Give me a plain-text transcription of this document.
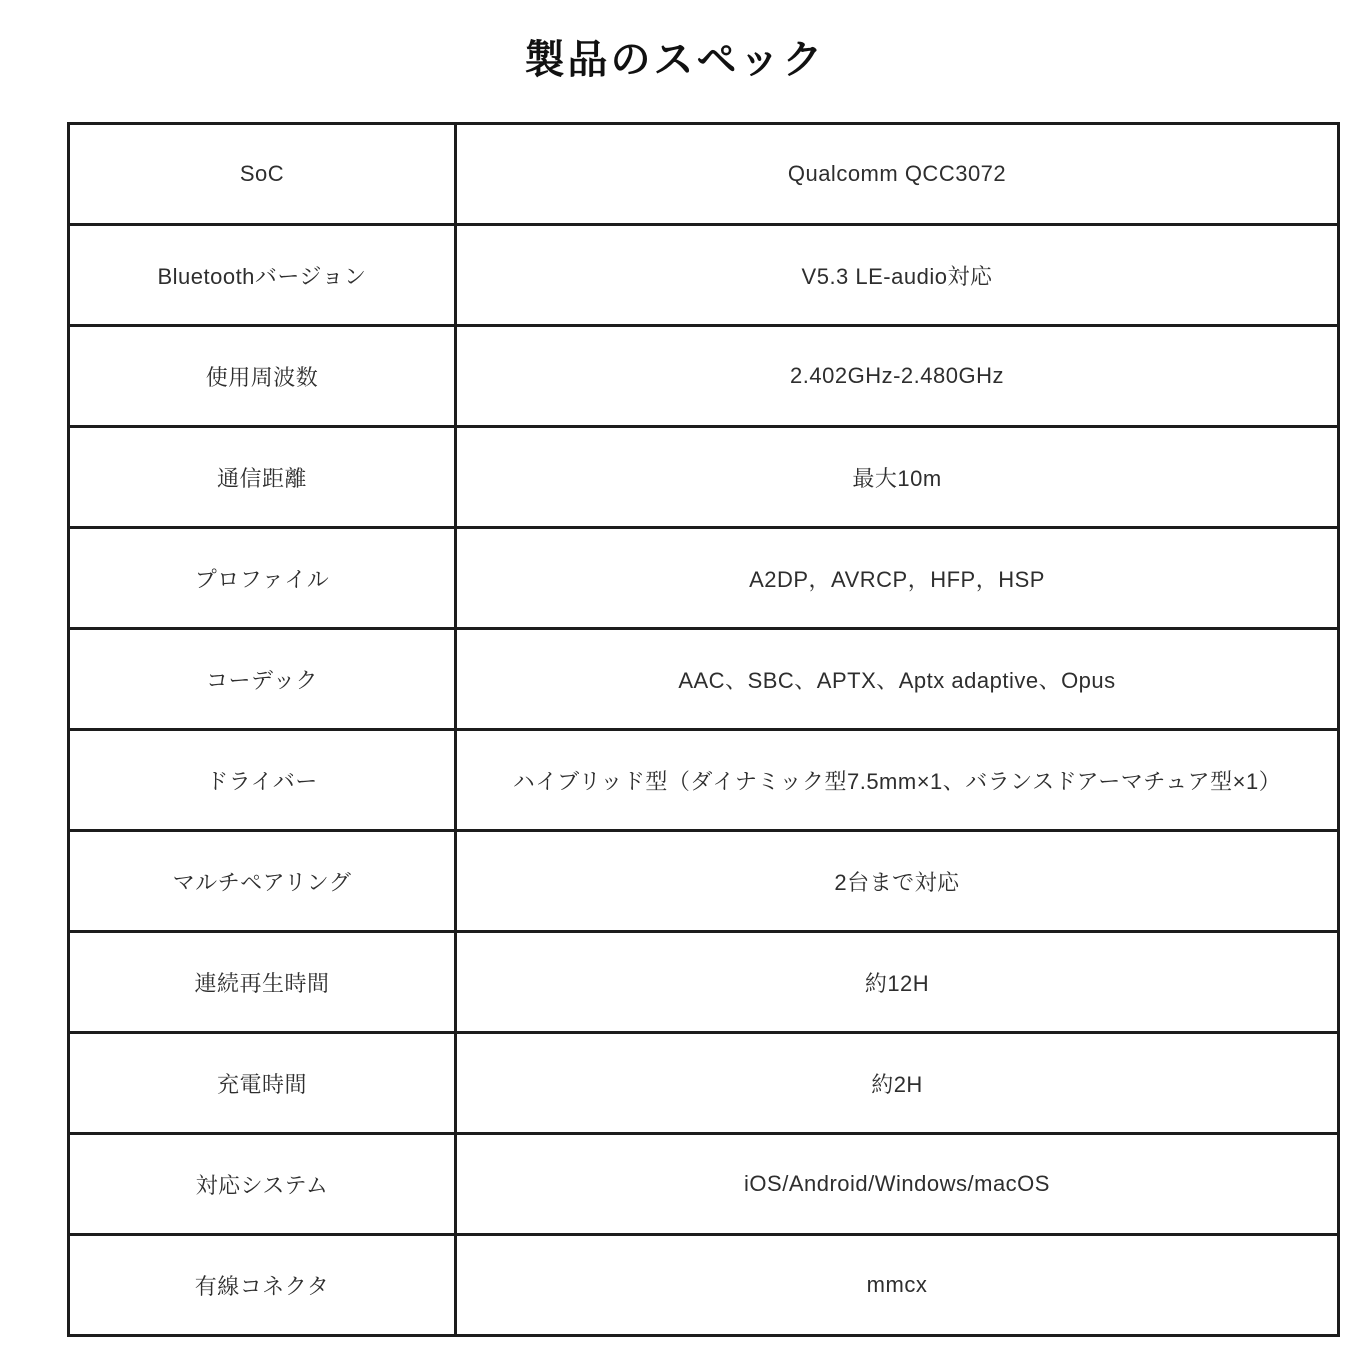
製品のスペック
SoC	Qualcomm QCC3072
Bluetoothバージョン	V5.3 LE-audio対応
使用周波数	2.402GHz-2.480GHz
通信距離	最大10m
プロファイル	A2DP，AVRCP，HFP，HSP
コーデック	AAC、SBC、APTX、Aptx adaptive、Opus
ドライバー	ハイブリッド型（ダイナミック型7.5mm×1、バランスドアーマチュア型×1）
マルチペアリング	2台まで対応
連続再生時間	約12H
充電時間	約2H
対応システム	iOS/Android/Windows/macOS
有線コネクタ	mmcx
